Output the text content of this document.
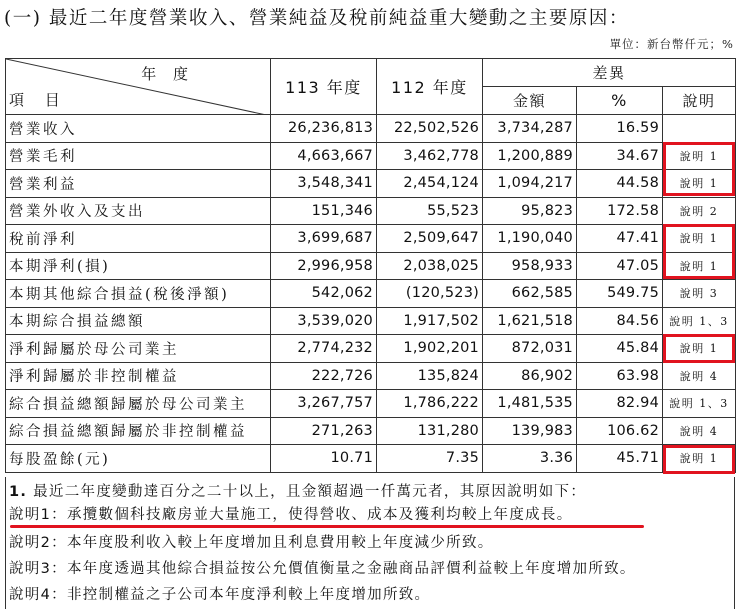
(一) 最近二年度營業收入、營業純益及稅前純益重大變動之主要原因：
單位：新台幣仟元；%
年 度
項 目	113 年度	112 年度	差異		
			金額	%	說明
營業收入	26,236,813	22,502,526	3,734,287	16.59	
營業毛利	4,663,667	3,462,778	1,200,889	34.67	說明 1
營業利益	3,548,341	2,454,124	1,094,217	44.58	說明 1
營業外收入及支出	151,346	55,523	95,823	172.58	說明 2
稅前淨利	3,699,687	2,509,647	1,190,040	47.41	說明 1
本期淨利(損)	2,996,958	2,038,025	958,933	47.05	說明 1
本期其他綜合損益(稅後淨額)	542,062	(120,523)	662,585	549.75	說明 3
本期綜合損益總額	3,539,020	1,917,502	1,621,518	84.56	說明 1、3
淨利歸屬於母公司業主	2,774,232	1,902,201	872,031	45.84	說明 1
淨利歸屬於非控制權益	222,726	135,824	86,902	63.98	說明 4
綜合損益總額歸屬於母公司業主	3,267,757	1,786,222	1,481,535	82.94	說明 1、3
綜合損益總額歸屬於非控制權益	271,263	131,280	139,983	106.62	說明 4
每股盈餘(元)	10.71	7.35	3.36	45.71	說明 1
1. 最近二年度變動達百分之二十以上，且金額超過一仟萬元者，其原因說明如下：
說明1：承攬數個科技廠房並大量施工，使得營收、成本及獲利均較上年度成長。
說明2：本年度股利收入較上年度增加且利息費用較上年度減少所致。
說明3：本年度透過其他綜合損益按公允價值衡量之金融商品評價利益較上年度增加所致。
說明4：非控制權益之子公司本年度淨利較上年度增加所致。
